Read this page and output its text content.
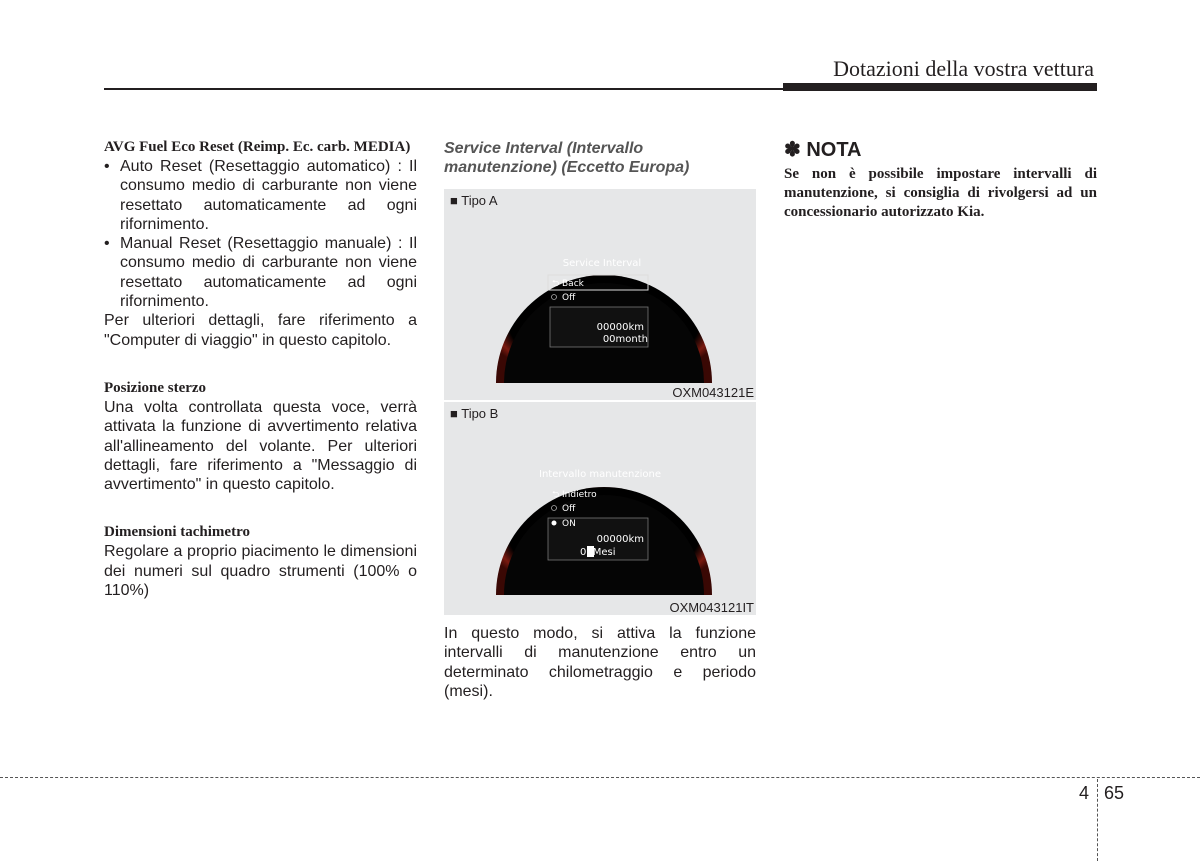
Dotazioni della vostra vettura

AVG Fuel Eco Reset (Reimp. Ec. carb. MEDIA)

• Auto Reset (Resettaggio automatico) : Il consumo medio di carburante non viene resettato automaticamente ad ogni rifornimento.
• Manual Reset (Resettaggio manuale) : Il consumo medio di carburante non viene resettato automaticamente ad ogni rifornimento.

Per ulteriori dettagli, fare riferimento a "Computer di viaggio" in questo capitolo.

Posizione sterzo

Una volta controllata questa voce, verrà attivata la funzione di avvertimento relativa all'allineamento del volante. Per ulteriori dettagli, fare riferimento a "Messaggio di avvertimento" in questo capitolo.

Dimensioni tachimetro

Regolare a proprio piacimento le dimensioni dei numeri sul quadro strumenti (100% o 110%)

Service Interval (Intervallo manutenzione) (Eccetto Europa)

Service Interval
⮌ Back
Off
00000km
00month
■ Tipo A
OXM043121E
Intervallo manutenzione
⮌ Indietro
Off
ON
00000km
00Mesi
■ Tipo B
OXM043121IT

In questo modo, si attiva la funzione intervalli di manutenzione entro un determinato chilometraggio e periodo (mesi).

✽ NOTA

Se non è possibile impostare intervalli di manutenzione, si consiglia di rivolgersi ad un concessionario autorizzato Kia.

4 65
